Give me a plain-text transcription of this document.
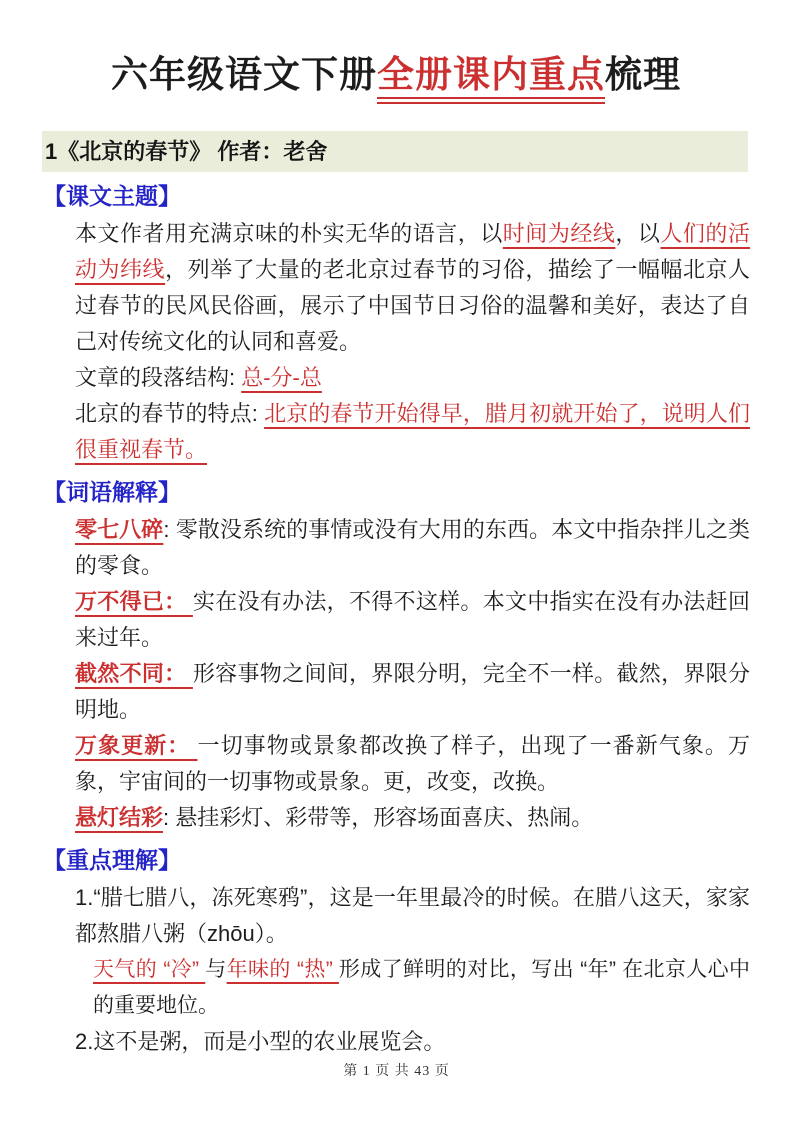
六年级语文下册全册课内重点梳理
1《北京的春节》 作者：老舍
【课文主题】

本文作者用充满京味的朴实无华的语言，以时间为经线，以人们的活动为纬线，列举了大量的老北京过春节的习俗，描绘了一幅幅北京人过春节的民风民俗画，展示了中国节日习俗的温馨和美好，表达了自己对传统文化的认同和喜爱。

文章的段落结构: 总-分-总

北京的春节的特点: 北京的春节开始得早，腊月初就开始了，说明人们很重视春节。

【词语解释】

零七八碎: 零散没系统的事情或没有大用的东西。本文中指杂拌儿之类的零食。

万不得已： 实在没有办法，不得不这样。本文中指实在没有办法赶回来过年。

截然不同： 形容事物之间间，界限分明，完全不一样。截然，界限分明地。

万象更新： 一切事物或景象都改换了样子，出现了一番新气象。万象，宇宙间的一切事物或景象。更，改变，改换。

悬灯结彩: 悬挂彩灯、彩带等，形容场面喜庆、热闹。

【重点理解】

1.“腊七腊八，冻死寒鸦”，这是一年里最冷的时候。在腊八这天，家家都熬腊八粥（zhōu）。

天气的 “冷” 与年味的 “热” 形成了鲜明的对比，写出 “年” 在北京人心中的重要地位。

2.这不是粥，而是小型的农业展览会。

第 1 页 共 43 页
